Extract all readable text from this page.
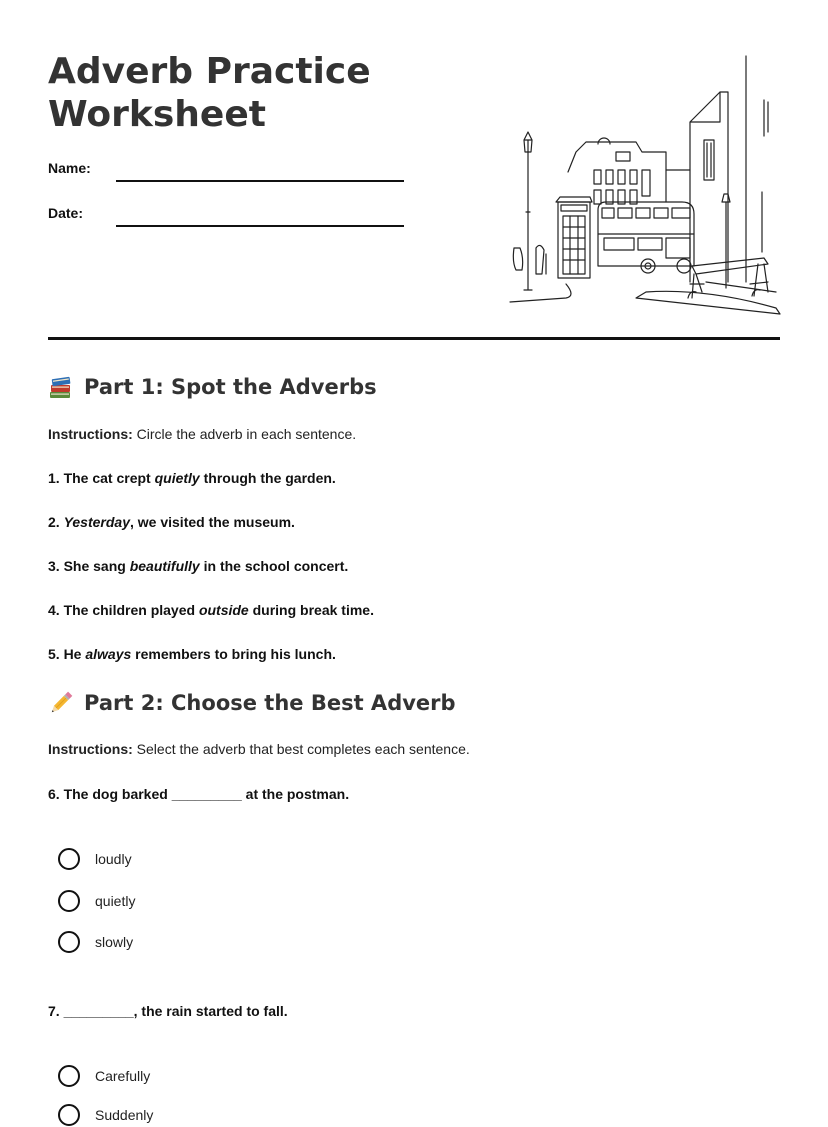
Adverb Practice Worksheet
Name:
Date:
Part 1: Spot the Adverbs
Instructions: Circle the adverb in each sentence.
1. The cat crept quietly through the garden.
2. Yesterday, we visited the museum.
3. She sang beautifully in the school concert.
4. The children played outside during break time.
5. He always remembers to bring his lunch.
Part 2: Choose the Best Adverb
Instructions: Select the adverb that best completes each sentence.
6. The dog barked _________ at the postman.
loudly
quietly
slowly
7. _________, the rain started to fall.
Carefully
Suddenly
